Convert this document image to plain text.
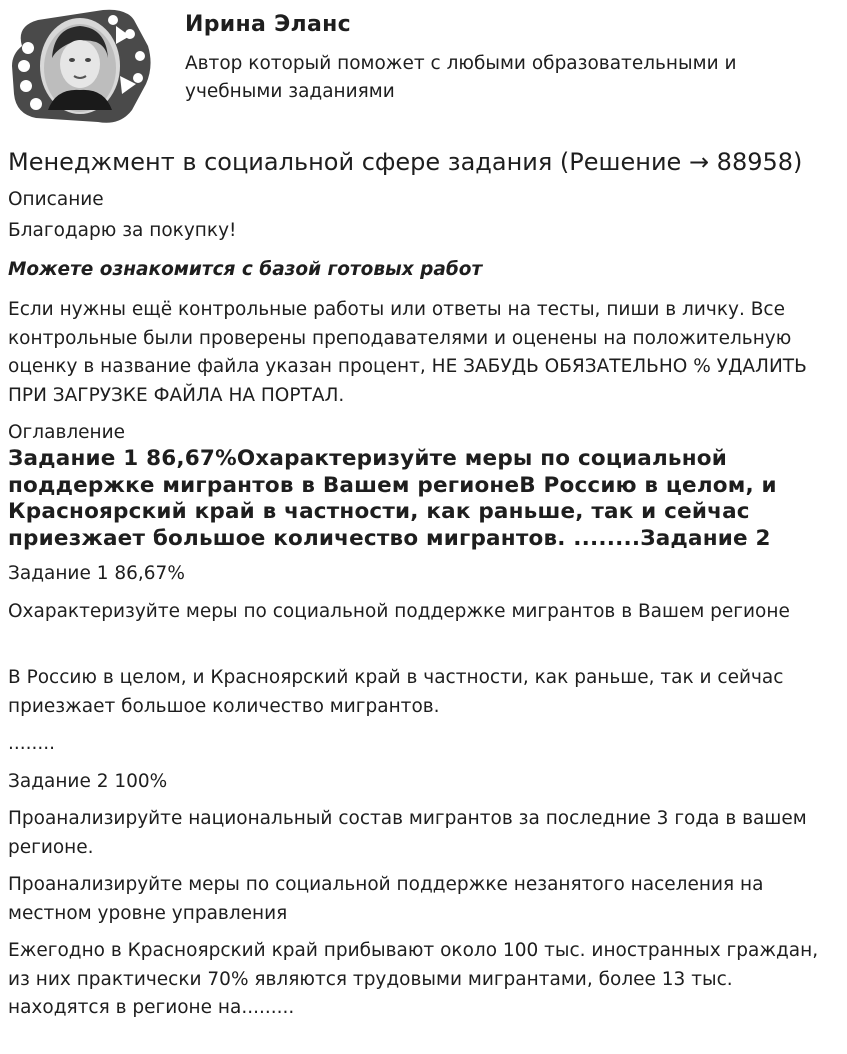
Ирина Эланс

Автор который поможет с любыми образовательными и учебными заданиями

Менеджмент в социальной сфере задания (Решение → 88958)
Описание

Благодарю за покупку!

Можете ознакомится с базой готовых работ

Если нужны ещё контрольные работы или ответы на тесты, пиши в личку. Все контрольные были проверены преподавателями и оценены на положительную оценку в название файла указан процент, НЕ ЗАБУДЬ ОБЯЗАТЕЛЬНО % УДАЛИТЬ ПРИ ЗАГРУЗКЕ ФАЙЛА НА ПОРТАЛ.

Оглавление
Задание 1 86,67%Охарактеризуйте меры по социальной поддержке мигрантов в Вашем регионеВ Россию в целом, и Красноярский край в частности, как раньше, так и сейчас приезжает большое количество мигрантов. ........Задание 2

Задание 1 86,67%

Охарактеризуйте меры по социальной поддержке мигрантов в Вашем регионе

В Россию в целом, и Красноярский край в частности, как раньше, так и сейчас приезжает большое количество мигрантов.

........

Задание 2 100%

Проанализируйте национальный состав мигрантов за последние 3 года в вашем регионе.

Проанализируйте меры по социальной поддержке незанятого населения на местном уровне управления

Ежегодно в Красноярский край прибывают около 100 тыс. иностранных граждан, из них практически 70% являются трудовыми мигрантами, более 13 тыс. находятся в регионе на.........
